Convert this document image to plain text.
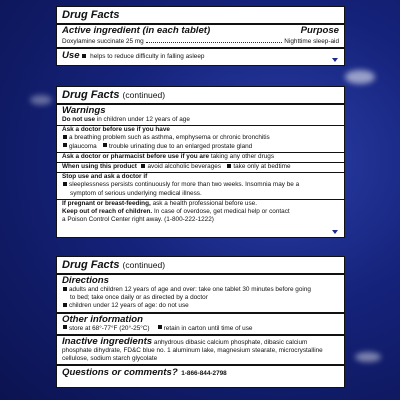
Drug Facts
Active ingredient (in each tablet)	Purpose
Doxylamine succinate 25 mg	Nighttime sleep-aid
Use helps to reduce difficulty in falling asleep
Drug Facts (continued)
Warnings
Do not use in children under 12 years of age
Ask a doctor before use if you have
a breathing problem such as asthma, emphysema or chronic bronchitis
glaucoma trouble urinating due to an enlarged prostate gland
Ask a doctor or pharmacist before use if you are taking any other drugs
When using this product avoid alcoholic beverages take only at bedtime
Stop use and ask a doctor if
sleeplessness persists continuously for more than two weeks. Insomnia may be a
symptom of serious underlying medical illness.
If pregnant or breast-feeding, ask a health professional before use.
Keep out of reach of children. In case of overdose, get medical help or contact
a Poison Control Center right away. (1-800-222-1222)
Drug Facts (continued)
Directions
adults and children 12 years of age and over: take one tablet 30 minutes before going
to bed; take once daily or as directed by a doctor
children under 12 years of age: do not use
Other information
store at 68°-77°F (20°-25°C) retain in carton until time of use
Inactive ingredients anhydrous dibasic calcium phosphate, dibasic calcium
phosphate dihydrate, FD&C blue no. 1 aluminum lake, magnesium stearate, microcrystalline
cellulose, sodium starch glycolate
Questions or comments? 1-866-844-2798
